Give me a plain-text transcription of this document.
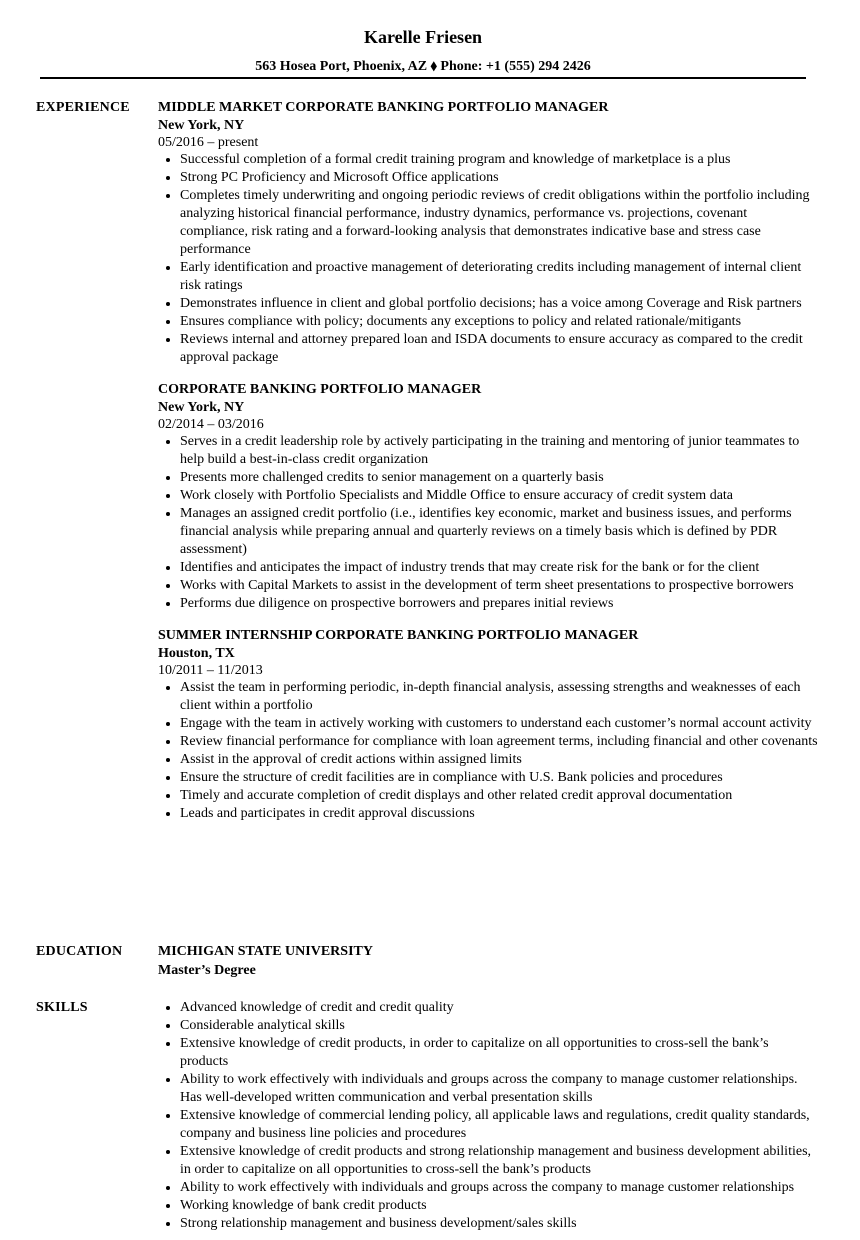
Karelle Friesen
563 Hosea Port, Phoenix, AZ ⬧ Phone: +1 (555) 294 2426
EXPERIENCE MIDDLE MARKET CORPORATE BANKING PORTFOLIO MANAGER
New York, NY
05/2016 – present
• Successful completion of a formal credit training program and knowledge of marketplace is a plus
• Strong PC Proficiency and Microsoft Office applications
• Completes timely underwriting and ongoing periodic reviews of credit obligations within the portfolio including analyzing historical financial performance, industry dynamics, performance vs. projections, covenant compliance, risk rating and a forward-looking analysis that demonstrates indicative base and stress case performance
• Early identification and proactive management of deteriorating credits including management of internal client risk ratings
• Demonstrates influence in client and global portfolio decisions; has a voice among Coverage and Risk partners
• Ensures compliance with policy; documents any exceptions to policy and related rationale/mitigants
• Reviews internal and attorney prepared loan and ISDA documents to ensure accuracy as compared to the credit approval package
CORPORATE BANKING PORTFOLIO MANAGER
New York, NY
02/2014 – 03/2016
• Serves in a credit leadership role by actively participating in the training and mentoring of junior teammates to help build a best-in-class credit organization
• Presents more challenged credits to senior management on a quarterly basis
• Work closely with Portfolio Specialists and Middle Office to ensure accuracy of credit system data
• Manages an assigned credit portfolio (i.e., identifies key economic, market and business issues, and performs financial analysis while preparing annual and quarterly reviews on a timely basis which is defined by PDR assessment)
• Identifies and anticipates the impact of industry trends that may create risk for the bank or for the client
• Works with Capital Markets to assist in the development of term sheet presentations to prospective borrowers
• Performs due diligence on prospective borrowers and prepares initial reviews
SUMMER INTERNSHIP CORPORATE BANKING PORTFOLIO MANAGER
Houston, TX
10/2011 – 11/2013
• Assist the team in performing periodic, in-depth financial analysis, assessing strengths and weaknesses of each client within a portfolio
• Engage with the team in actively working with customers to understand each customer’s normal account activity
• Review financial performance for compliance with loan agreement terms, including financial and other covenants
• Assist in the approval of credit actions within assigned limits
• Ensure the structure of credit facilities are in compliance with U.S. Bank policies and procedures
• Timely and accurate completion of credit displays and other related credit approval documentation
• Leads and participates in credit approval discussions
EDUCATION	MICHIGAN STATE UNIVERSITY
Master’s Degree
SKILLS
•	Advanced knowledge of credit and credit quality
• Considerable analytical skills
• Extensive knowledge of credit products, in order to capitalize on all opportunities to cross-sell the bank’s products
• Ability to work effectively with individuals and groups across the company to manage customer relationships. Has well-developed written communication and verbal presentation skills
• Extensive knowledge of commercial lending policy, all applicable laws and regulations, credit quality standards, company and business line policies and procedures
• Extensive knowledge of credit products and strong relationship management and business development abilities, in order to capitalize on all opportunities to cross-sell the bank’s products
• Ability to work effectively with individuals and groups across the company to manage customer relationships
• Working knowledge of bank credit products
• Strong relationship management and business development/sales skills
